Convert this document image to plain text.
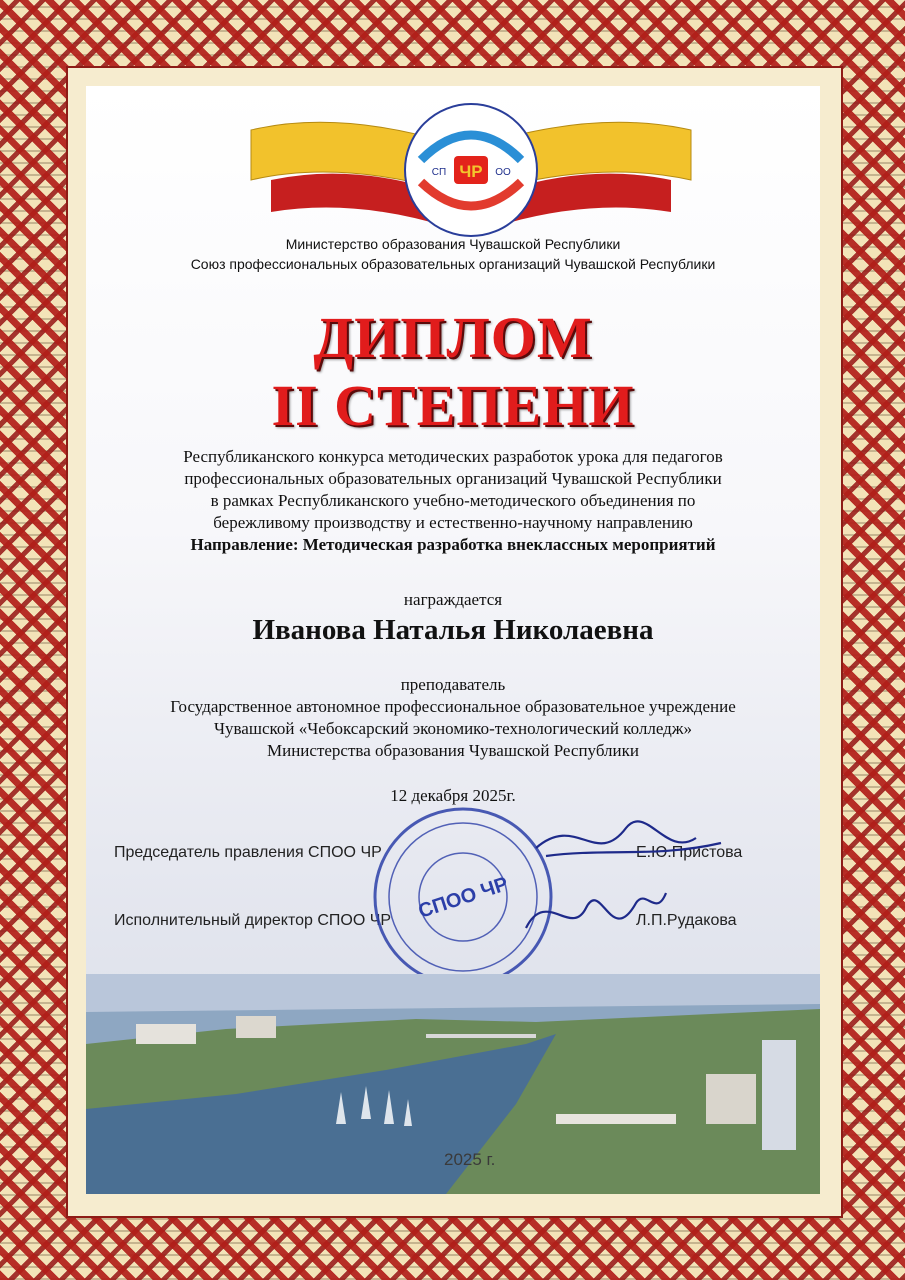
ЧР
СП	ОО
Министерство образования Чувашской Республики
Союз профессиональных образовательных организаций Чувашской Республики
ДИПЛОМ
II СТЕПЕНИ
Республиканского конкурса методических разработок урока для педагогов
профессиональных образовательных организаций Чувашской Республики
в рамках Республиканского учебно-методического объединения по
бережливому производству и естественно-научному направлению
Направление: Методическая разработка внеклассных мероприятий
награждается
Иванова Наталья Николаевна
преподаватель
Государственное автономное профессиональное образовательное учреждение
Чувашской «Чебоксарский экономико-технологический колледж»
Министерства образования Чувашской Республики
12 декабря 2025г.
Председатель правления СПОО ЧР	Е.Ю.Пристова
Исполнительный директор СПОО ЧР	Л.П.Рудакова
СПОО ЧР
2025 г.
